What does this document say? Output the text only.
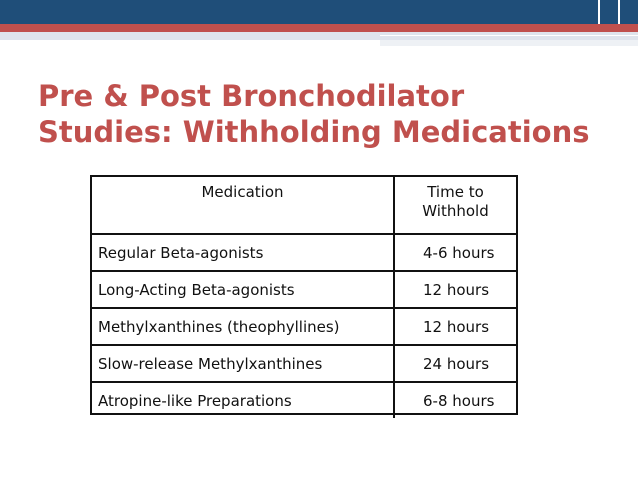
Pre & Post Bronchodilator
Studies: Withholding Medications
Medication	Time to
Withhold

Regular Beta-agonists	4-6 hours
Long-Acting Beta-agonists	12 hours
Methylxanthines (theophyllines)	12 hours
Slow-release Methylxanthines	24 hours
Atropine-like Preparations	6-8 hours
